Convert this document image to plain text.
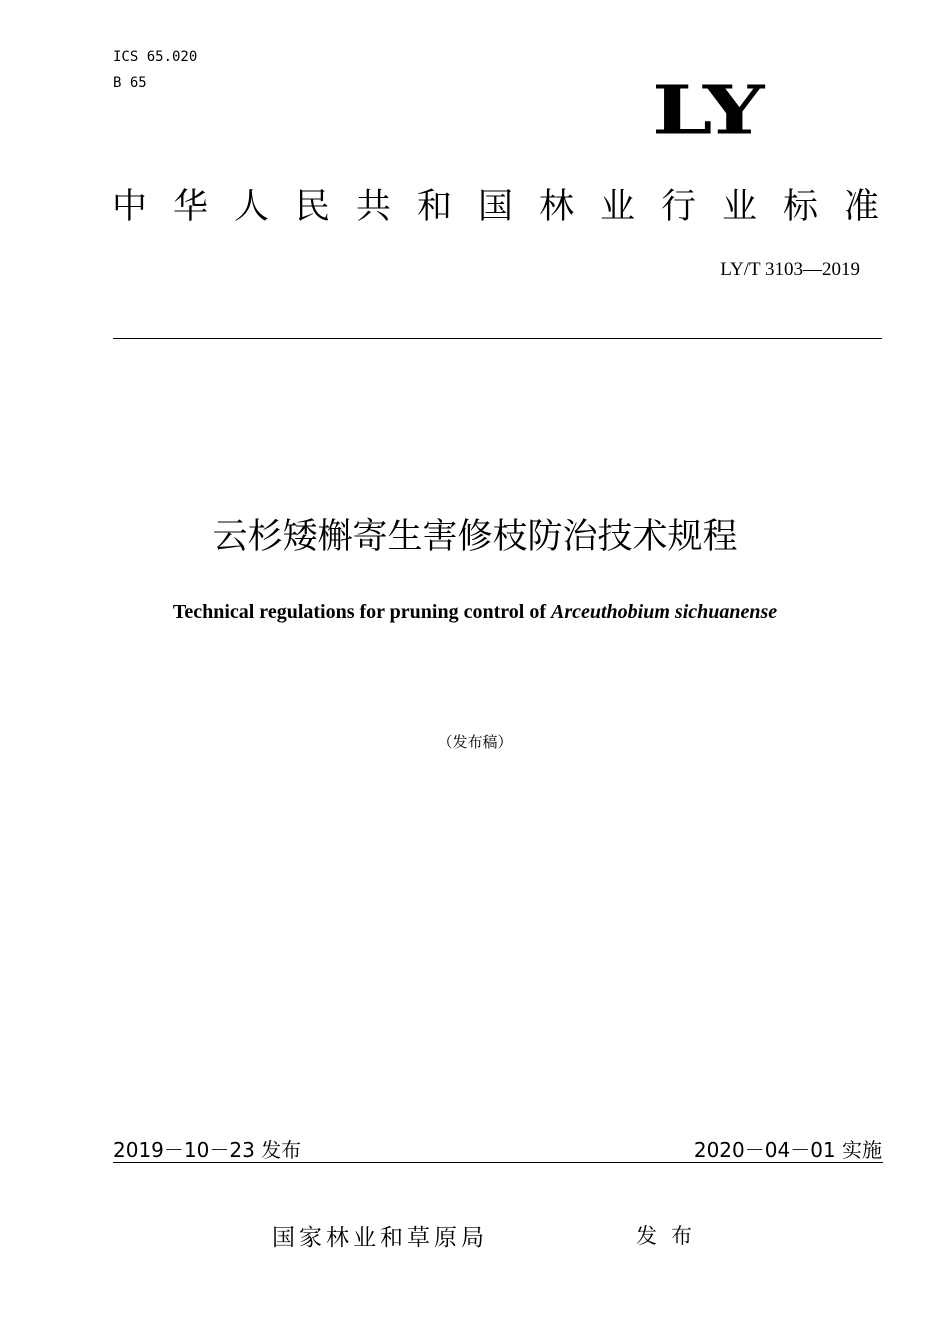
ICS 65.020
B 65	LY
中华人民共和国林业行业标准
LY/T 3103—2019
云杉矮槲寄生害修枝防治技术规程
Technical regulations for pruning control of Arceuthobium sichuanense
（发布稿）
2019－10－23 发布	2020－04－01 实施
国家林业和草原局	发布
